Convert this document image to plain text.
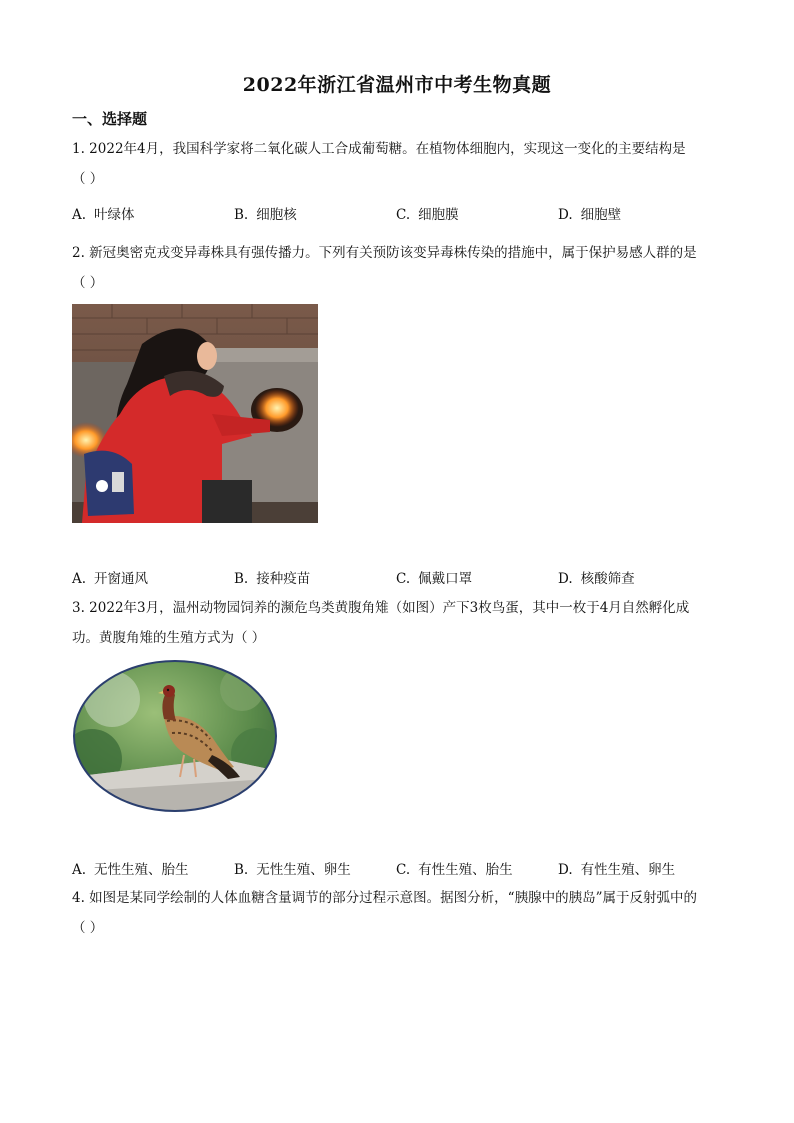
2022年浙江省温州市中考生物真题
一、选择题
1. 2022年4月，我国科学家将二氧化碳人工合成葡萄糖。在植物体细胞内，实现这一变化的主要结构是
（ ）
A. 叶绿体	B. 细胞核	C. 细胞膜	D. 细胞壁
2. 新冠奥密克戎变异毒株具有强传播力。下列有关预防该变异毒株传染的措施中，属于保护易感人群的是
（ ）
A. 开窗通风	B. 接种疫苗	C. 佩戴口罩	D. 核酸筛查
3. 2022年3月，温州动物园饲养的濒危鸟类黄腹角雉（如图）产下3枚鸟蛋，其中一枚于4月自然孵化成
功。黄腹角雉的生殖方式为（ ）
A. 无性生殖、胎生	B. 无性生殖、卵生	C. 有性生殖、胎生	D. 有性生殖、卵生
4. 如图是某同学绘制的人体血糖含量调节的部分过程示意图。据图分析，“胰腺中的胰岛”属于反射弧中的
（ ）
